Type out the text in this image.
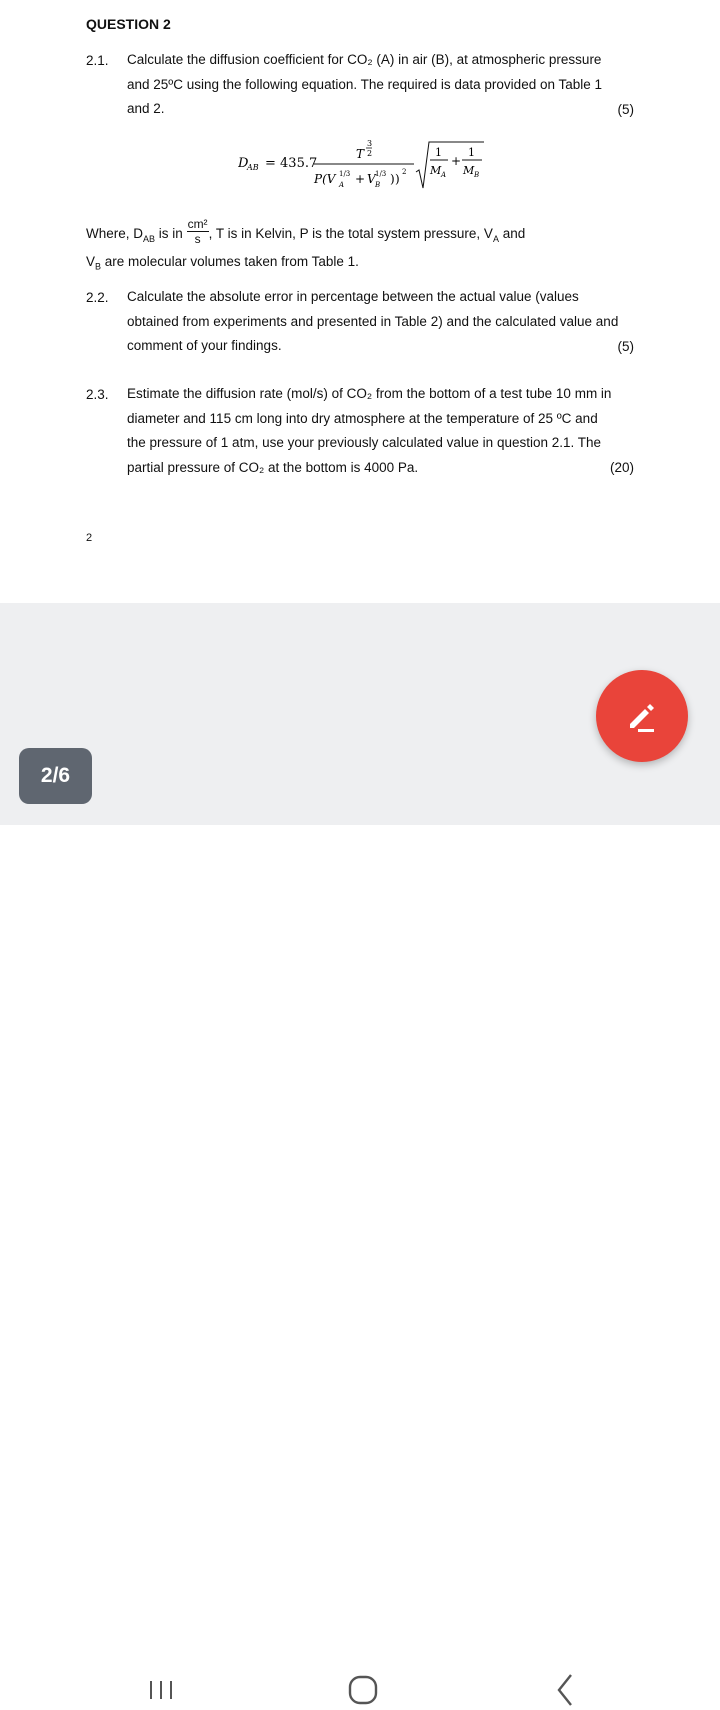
QUESTION 2
2.1. Calculate the diffusion coefficient for CO₂ (A) in air (B), at atmospheric pressure
and 25ºC using the following equation. The required is data provided on Table 1
and 2.	(5)
D
AB = 435.7
T
3
2
P(V A
1/3 + V B
1/3 ) ) 2
1
M A
+
1
M B
Where, $D_{AB}$ is in $\frac{\text{cm²}}{s}$ , T is in Kelvin, P is the total system pressure, $V_A$ and
$V_B$ are molecular volumes taken from Table 1.
2.2. Calculate the absolute error in percentage between the actual value (values
obtained from experiments and presented in Table 2) and the calculated value and
comment of your findings.	(5)
2.3. Estimate the diffusion rate (mol/s) of CO₂ from the bottom of a test tube 10 mm in
diameter and 115 cm long into dry atmosphere at the temperature of 25 ºC and
the pressure of 1 atm, use your previously calculated value in question 2.1. The
partial pressure of CO₂ at the bottom is 4000 Pa.	(20)
2
2/6
